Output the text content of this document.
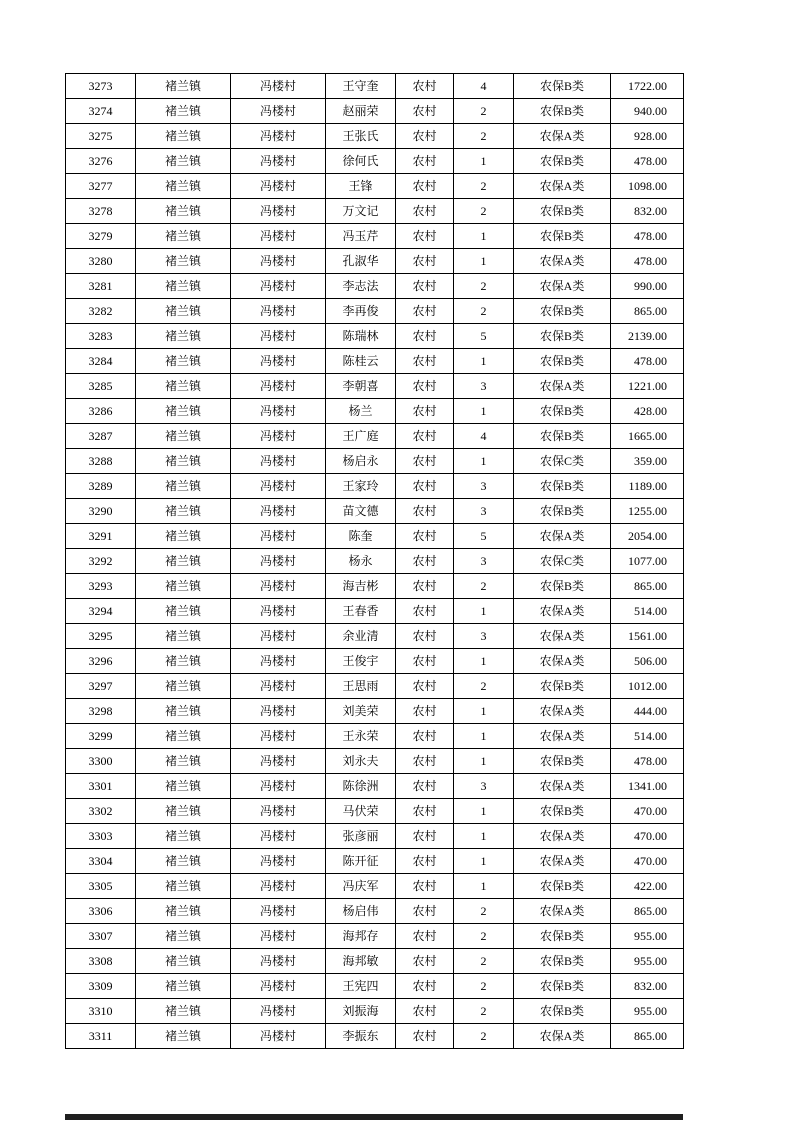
3273	褚兰镇	冯楼村	王守奎	农村	4	农保B类	1722.00
3274	褚兰镇	冯楼村	赵丽荣	农村	2	农保B类	940.00
3275	褚兰镇	冯楼村	王张氏	农村	2	农保A类	928.00
3276	褚兰镇	冯楼村	徐何氏	农村	1	农保B类	478.00
3277	褚兰镇	冯楼村	王锋	农村	2	农保A类	1098.00
3278	褚兰镇	冯楼村	万文记	农村	2	农保B类	832.00
3279	褚兰镇	冯楼村	冯玉芹	农村	1	农保B类	478.00
3280	褚兰镇	冯楼村	孔淑华	农村	1	农保A类	478.00
3281	褚兰镇	冯楼村	李志法	农村	2	农保A类	990.00
3282	褚兰镇	冯楼村	李再俊	农村	2	农保B类	865.00
3283	褚兰镇	冯楼村	陈瑞林	农村	5	农保B类	2139.00
3284	褚兰镇	冯楼村	陈桂云	农村	1	农保B类	478.00
3285	褚兰镇	冯楼村	李朝喜	农村	3	农保A类	1221.00
3286	褚兰镇	冯楼村	杨兰	农村	1	农保B类	428.00
3287	褚兰镇	冯楼村	王广庭	农村	4	农保B类	1665.00
3288	褚兰镇	冯楼村	杨启永	农村	1	农保C类	359.00
3289	褚兰镇	冯楼村	王家玲	农村	3	农保B类	1189.00
3290	褚兰镇	冯楼村	苗文德	农村	3	农保B类	1255.00
3291	褚兰镇	冯楼村	陈奎	农村	5	农保A类	2054.00
3292	褚兰镇	冯楼村	杨永	农村	3	农保C类	1077.00
3293	褚兰镇	冯楼村	海吉彬	农村	2	农保B类	865.00
3294	褚兰镇	冯楼村	王春香	农村	1	农保A类	514.00
3295	褚兰镇	冯楼村	余业清	农村	3	农保A类	1561.00
3296	褚兰镇	冯楼村	王俊宇	农村	1	农保A类	506.00
3297	褚兰镇	冯楼村	王思雨	农村	2	农保B类	1012.00
3298	褚兰镇	冯楼村	刘美荣	农村	1	农保A类	444.00
3299	褚兰镇	冯楼村	王永荣	农村	1	农保A类	514.00
3300	褚兰镇	冯楼村	刘永夫	农村	1	农保B类	478.00
3301	褚兰镇	冯楼村	陈徐洲	农村	3	农保A类	1341.00
3302	褚兰镇	冯楼村	马伏荣	农村	1	农保B类	470.00
3303	褚兰镇	冯楼村	张彦丽	农村	1	农保A类	470.00
3304	褚兰镇	冯楼村	陈开征	农村	1	农保A类	470.00
3305	褚兰镇	冯楼村	冯庆军	农村	1	农保B类	422.00
3306	褚兰镇	冯楼村	杨启伟	农村	2	农保A类	865.00
3307	褚兰镇	冯楼村	海邦存	农村	2	农保B类	955.00
3308	褚兰镇	冯楼村	海邦敏	农村	2	农保B类	955.00
3309	褚兰镇	冯楼村	王宪四	农村	2	农保B类	832.00
3310	褚兰镇	冯楼村	刘振海	农村	2	农保B类	955.00
3311	褚兰镇	冯楼村	李振东	农村	2	农保A类	865.00
